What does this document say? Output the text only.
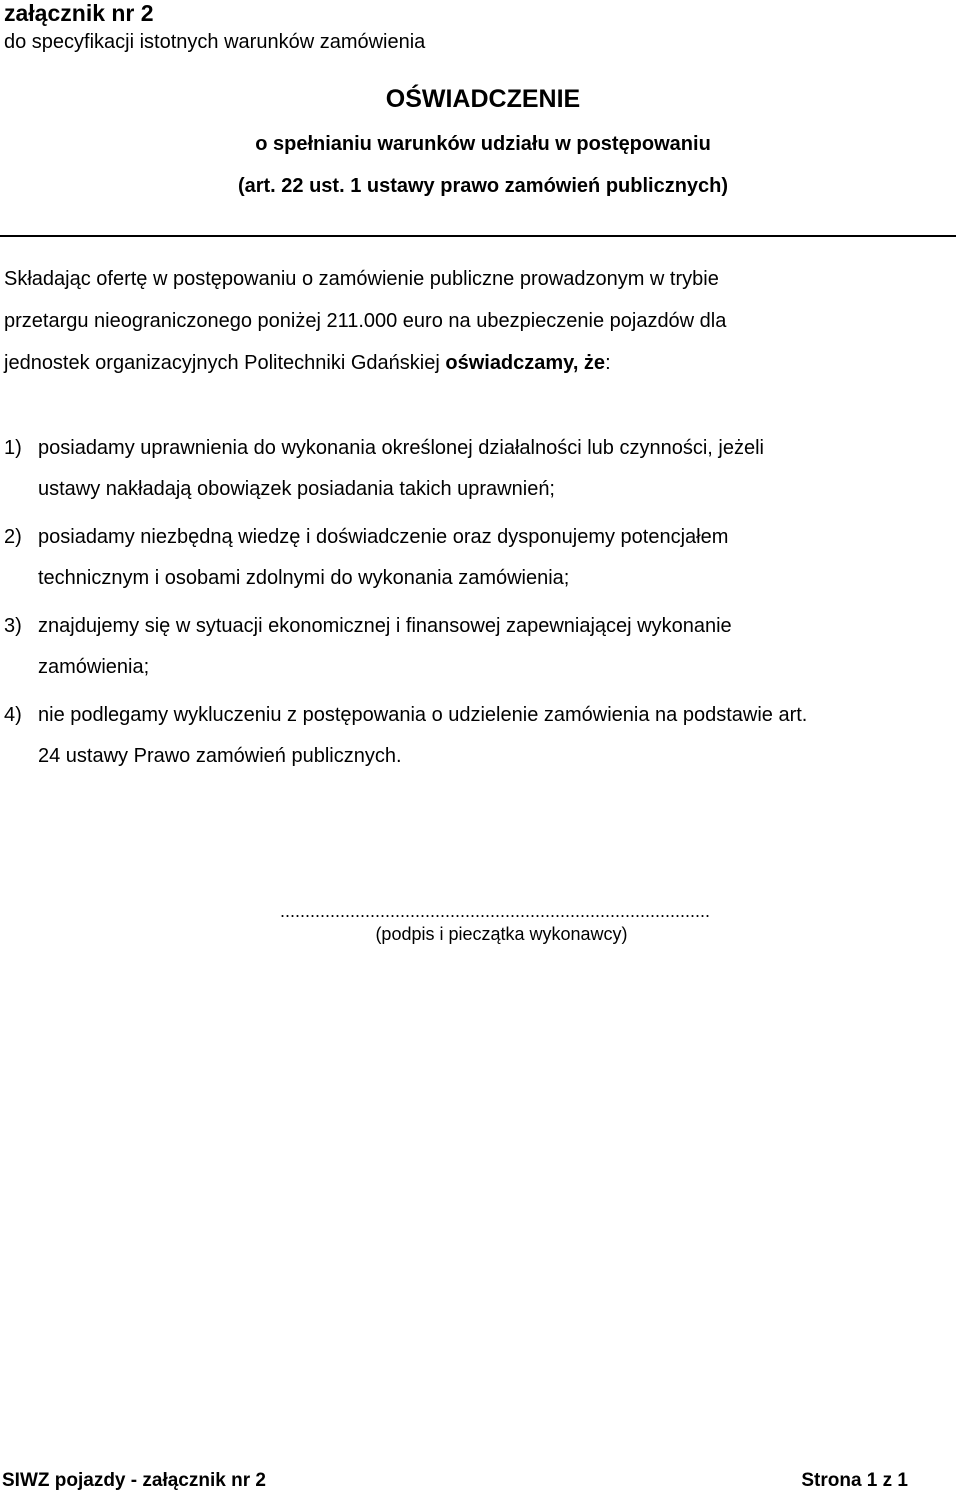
załącznik nr 2
do specyfikacji istotnych warunków zamówienia
OŚWIADCZENIE
o spełnianiu warunków udziału w postępowaniu
(art. 22 ust. 1 ustawy prawo zamówień publicznych)
Składając ofertę w postępowaniu o zamówienie publiczne prowadzonym w trybie
przetargu nieograniczonego poniżej 211.000 euro na ubezpieczenie pojazdów dla
jednostek organizacyjnych Politechniki Gdańskiej oświadczamy, że:
1) posiadamy uprawnienia do wykonania określonej działalności lub czynności, jeżeli
ustawy nakładają obowiązek posiadania takich uprawnień;
2) posiadamy niezbędną wiedzę i doświadczenie oraz dysponujemy potencjałem
technicznym i osobami zdolnymi do wykonania zamówienia;
3) znajdujemy się w sytuacji ekonomicznej i finansowej zapewniającej wykonanie
zamówienia;
4) nie podlegamy wykluczeniu z postępowania o udzielenie zamówienia na podstawie art.
24 ustawy Prawo zamówień publicznych.
......................................................................................
(podpis i pieczątka wykonawcy)
SIWZ pojazdy - załącznik nr 2	Strona 1 z 1
